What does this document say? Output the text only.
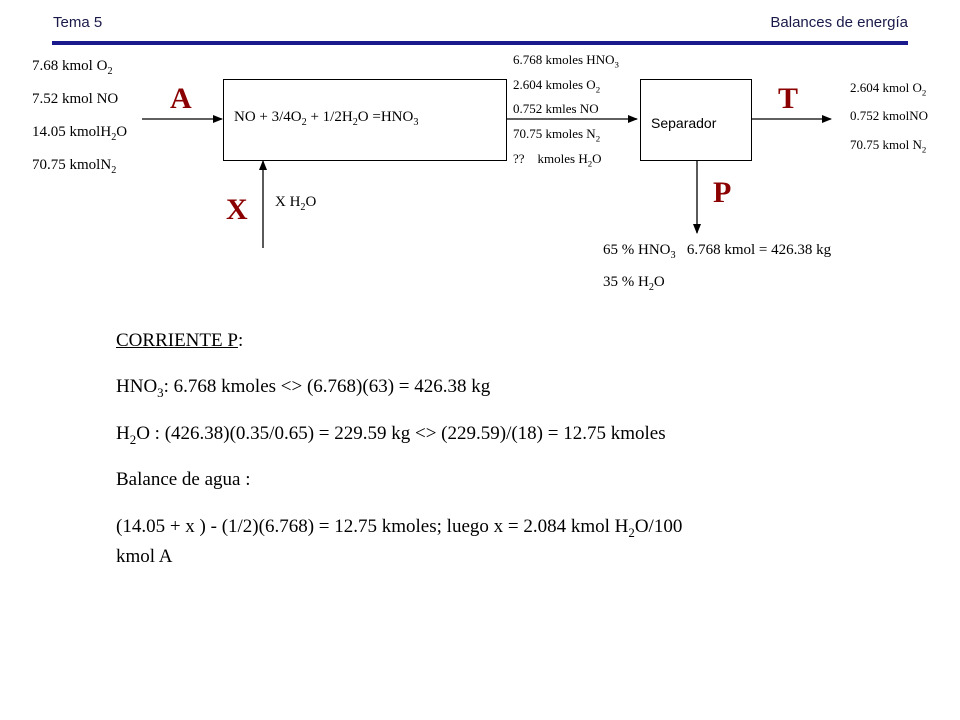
Tema 5	Balances de energía
7.68 kmol $O_2$
7.52 kmol NO
14.05 kmolH$_2$O
70.75 kmolN$_2$
A
NO + $3/4O_2 + 1/2H_2O =HNO_3$
X X $H_2O$
6.768 kmoles $HNO_3$
2.604 kmoles $O_2$
0.752 kmles NO
70.75 kmoles $N_2$
??    kmoles $H_2O$
Separador
T	2.604 kmol $O_2$
0.752 kmolNO
70.75 kmol $N_2$
P
65 % $HNO_3$   6.768 kmol = 426.38 kg
35 % $H_2O$
CORRIENTE P:
$HNO_3$: 6.768 kmoles <> (6.768)(63) = 426.38 kg
$H_2O$ : (426.38)(0.35/0.65) = 229.59 kg <> (229.59)/(18) = 12.75 kmoles
Balance de agua :
(14.05 + x ) - (1/2)(6.768) = 12.75 kmoles; luego x = 2.084 kmol $H_2O/100$
kmol A
